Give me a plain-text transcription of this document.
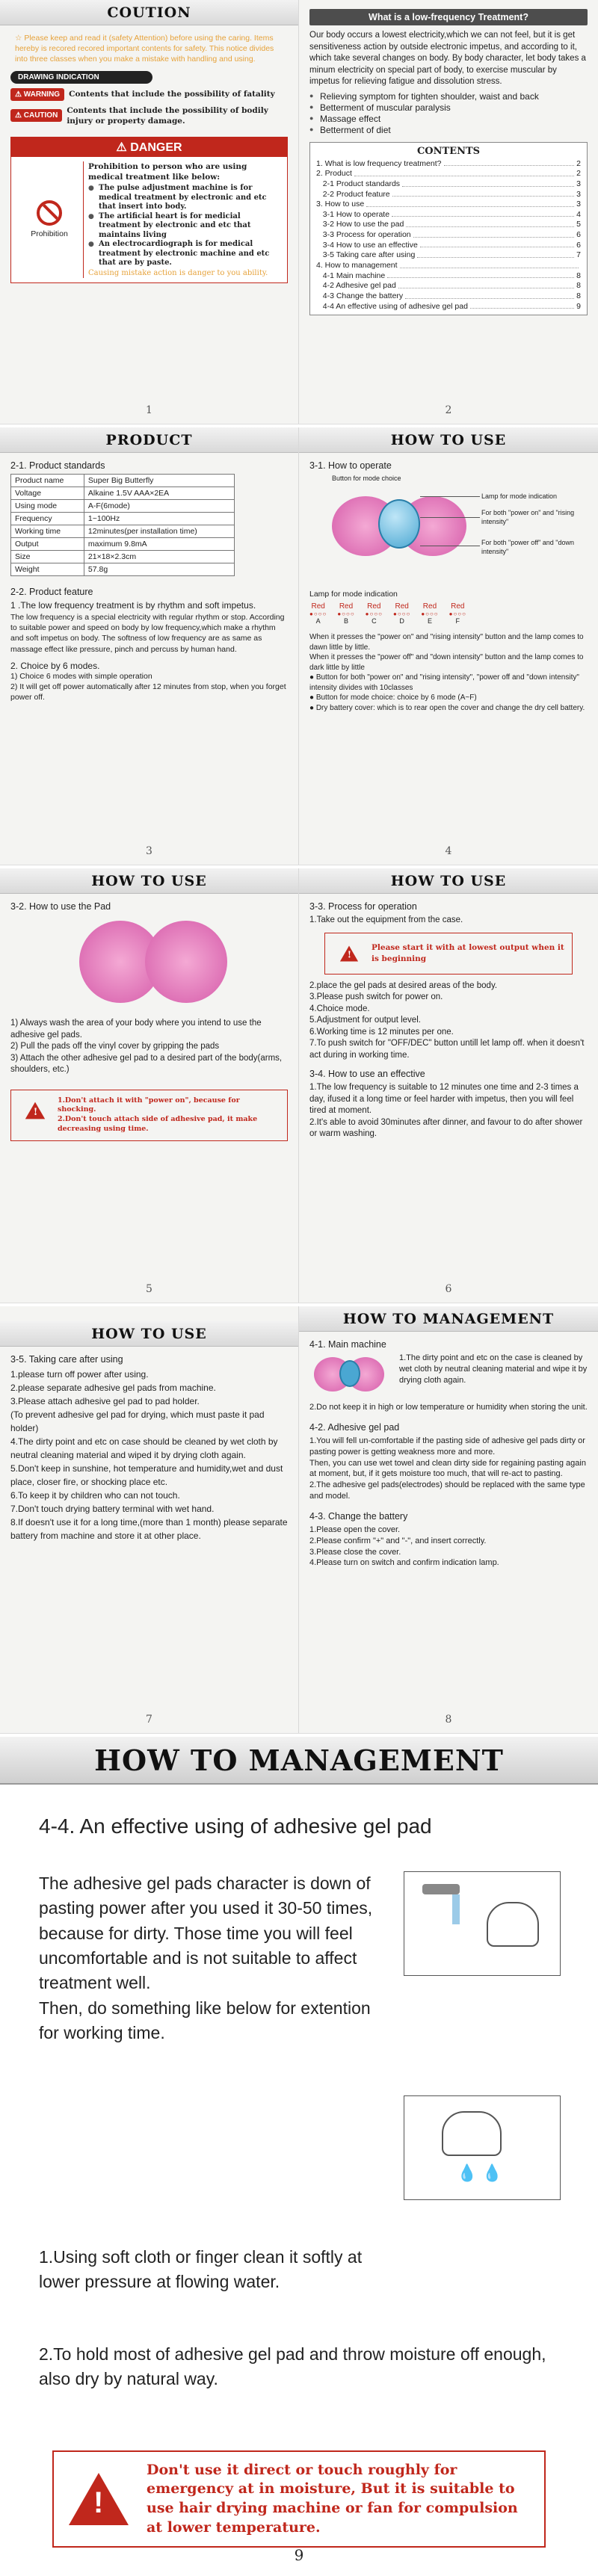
COUTION

☆ Please keep and read it (safety Attention) before using the caring. Items hereby is recored recored important contents for safety. This notice divides into three classes when you make a mistake with handling and using.

DRAWING INDICATION
⚠ WARNING	Contents that include the possibility of fatality
⚠ CAUTION
Contents that include the possibility of bodily injury or property damage.
⚠ DANGER
Prohibition
Prohibition to person who are using medical treatment like below:
● The pulse adjustment machine is for medical treatment by electronic and etc that insert into body.
● The artificial heart is for medicial treatment by electronic and etc that maintains living
● An electrocardiograph is for medical treatment by electronic machine and etc that are by paste.
Causing mistake action is danger to you ability.
1
What is a low-frequency Treatment?

Our body occurs a lowest electricity,which we can not feel, but it is get sensitiveness action by outside electronic impetus, and according to it, which take several changes on body. By body character, let body takes a minum electricity on special part of body, to exercise muscular by impetus for relieving fatigue and dissolution stress.

● Relieving symptom for tighten shoulder, waist and back
● Betterment of muscular paralysis
● Massage effect
● Betterment of diet
CONTENTS
1. What is low frequency treatment?	2
2. Product	2
2-1 Product standards	3
2-2 Product feature	3
3. How to use	3
3-1 How to operate	4
3-2 How to use the pad	5
3-3 Process for operation	6
3-4 How to use an effective	6
3-5 Taking care after using	7
4. How to management
4-1 Main machine	8
4-2 Adhesive gel pad	8
4-3 Change the battery	8
4-4 An effective using of adhesive gel pad	9
2
PRODUCT
2-1. Product standards
Product name	Super Big Butterfly
Voltage	Alkaine 1.5V AAA×2EA
Using mode	A-F(6mode)
Frequency	1~100Hz
Working time	12minutes(per installation time)
Output	maximum 9.8mA
Size	21×18×2.3cm
Weight	57.8g
2-2. Product feature
1 .The low frequency treatment is by rhythm and soft impetus.

The low frequency is a special electricity with regular rhythm or stop. According to suitable power and speed on body by low frequency,which make a rhythm and soft impetus on body. The softness of low frequency are as same as massage effect like pressure, pinch and percuss by human hand.

2. Choice by 6 modes.

1) Choice 6 modes with simple operation
2) It will get off power automatically after 12 minutes from stop, when you forget power off.

3
HOW TO USE
3-1. How to operate
Button for mode choice
Lamp for mode indication
For both "power on" and "rising intensity"
For both "power off" and "down intensity"
Lamp for mode indication
Red
●○○○
A
Red
●○○○
B
Red
●○○○
C
Red
●○○○
D
Red
●○○○
E
Red
●○○○
F

When it presses the "power on" and "rising intensity" button and the lamp comes to dawn little by little.
When it presses the "power off" and "down intensity" button and the lamp comes to dark little by little
● Button for both "power on" and "rising intensity", "power off and "down intensity" intensity divides with 10classes
● Button for mode choice: choice by 6 mode (A~F)
● Dry battery cover: which is to rear open the cover and change the dry cell battery.

4
HOW TO USE
3-2. How to use the Pad

1) Always wash the area of your body where you intend to use the adhesive gel pads.
2) Pull the pads off the vinyl cover by gripping the pads
3) Attach the other adhesive gel pad to a desired part of the body(arms, shoulders, etc.)

!
1.Don't attach it with "power on", because for shocking.
2.Don't touch attach side of adhesive pad, it make decreasing using time.
5
HOW TO USE
3-3. Process for operation
1.Take out the equipment from the case.
!
Please start it with at lowest output when it is beginning

2.place the gel pads at desired areas of the body.
3.Please push switch for power on.
4.Choice mode.
5.Adjustment for output level.
6.Working time is 12 minutes per one.
7.To push switch for "OFF/DEC" button untill let lamp off. when it doesn't act during in working time.

3-4. How to use an effective

1.The low frequency is suitable to 12 minutes one time and 2-3 times a day, ifused it a long time or feel harder with impetus, then you will feel tired at moment.
2.It's able to avoid 30minutes after dinner, and favour to do after shower or warm washing.

6
HOW TO USE
3-5. Taking care after using

1.please turn off power after using.
2.please separate adhesive gel pads from machine.
3.Please attach adhesive gel pad to pad holder.
(To prevent adhesive gel pad for drying, which must paste it pad holder)
4.The dirty point and etc on case should be cleaned by wet cloth by neutral cleaning material and wiped it by drying cloth again.
5.Don't keep in sunshine, hot temperature and humidity,wet and dust place, closer fire, or shocking place etc.
6.To keep it by children who can not touch.
7.Don't touch drying battery terminal with wet hand.
8.If doesn't use it for a long time,(more than 1 month) please separate battery from machine and store it at other place.

7
HOW TO MANAGEMENT
4-1. Main machine

1.The dirty point and etc on the case is cleaned by wet cloth by neutral cleaning material and wipe it by drying cloth again.

2.Do not keep it in high or low temperature or humidity when storing the unit.

4-2. Adhesive gel pad

1.You will fell un-comfortable if the pasting side of adhesive gel pads dirty or pasting power is getting weakness more and more.
Then, you can use wet towel and clean dirty side for regaining pasting again at moment, but, if it gets moisture too much, that will re-act to pasting.
2.The adhesive gel pads(electrodes) should be replaced with the same type and model.

4-3. Change the battery

1.Please open the cover.
2.Please confirm "+" and "-", and insert correctly.
3.Please close the cover.
4.Please turn on switch and confirm indication lamp.

8
HOW TO MANAGEMENT
4-4. An effective using of adhesive gel pad

The adhesive gel pads character is down of pasting power after you used it 30-50 times, because for dirty. Those time you will feel uncomfortable and is not suitable to affect treatment well.
Then, do something like below for extention for working time.

💧 💧

1.Using soft cloth or finger clean it softly at lower pressure at flowing water.

2.To hold most of adhesive gel pad and throw moisture off enough, also dry by natural way.

!
Don't use it direct or touch roughly for emergency at in moisture, But it is suitable to use hair drying machine or fan for compulsion at lower temperature.
9
